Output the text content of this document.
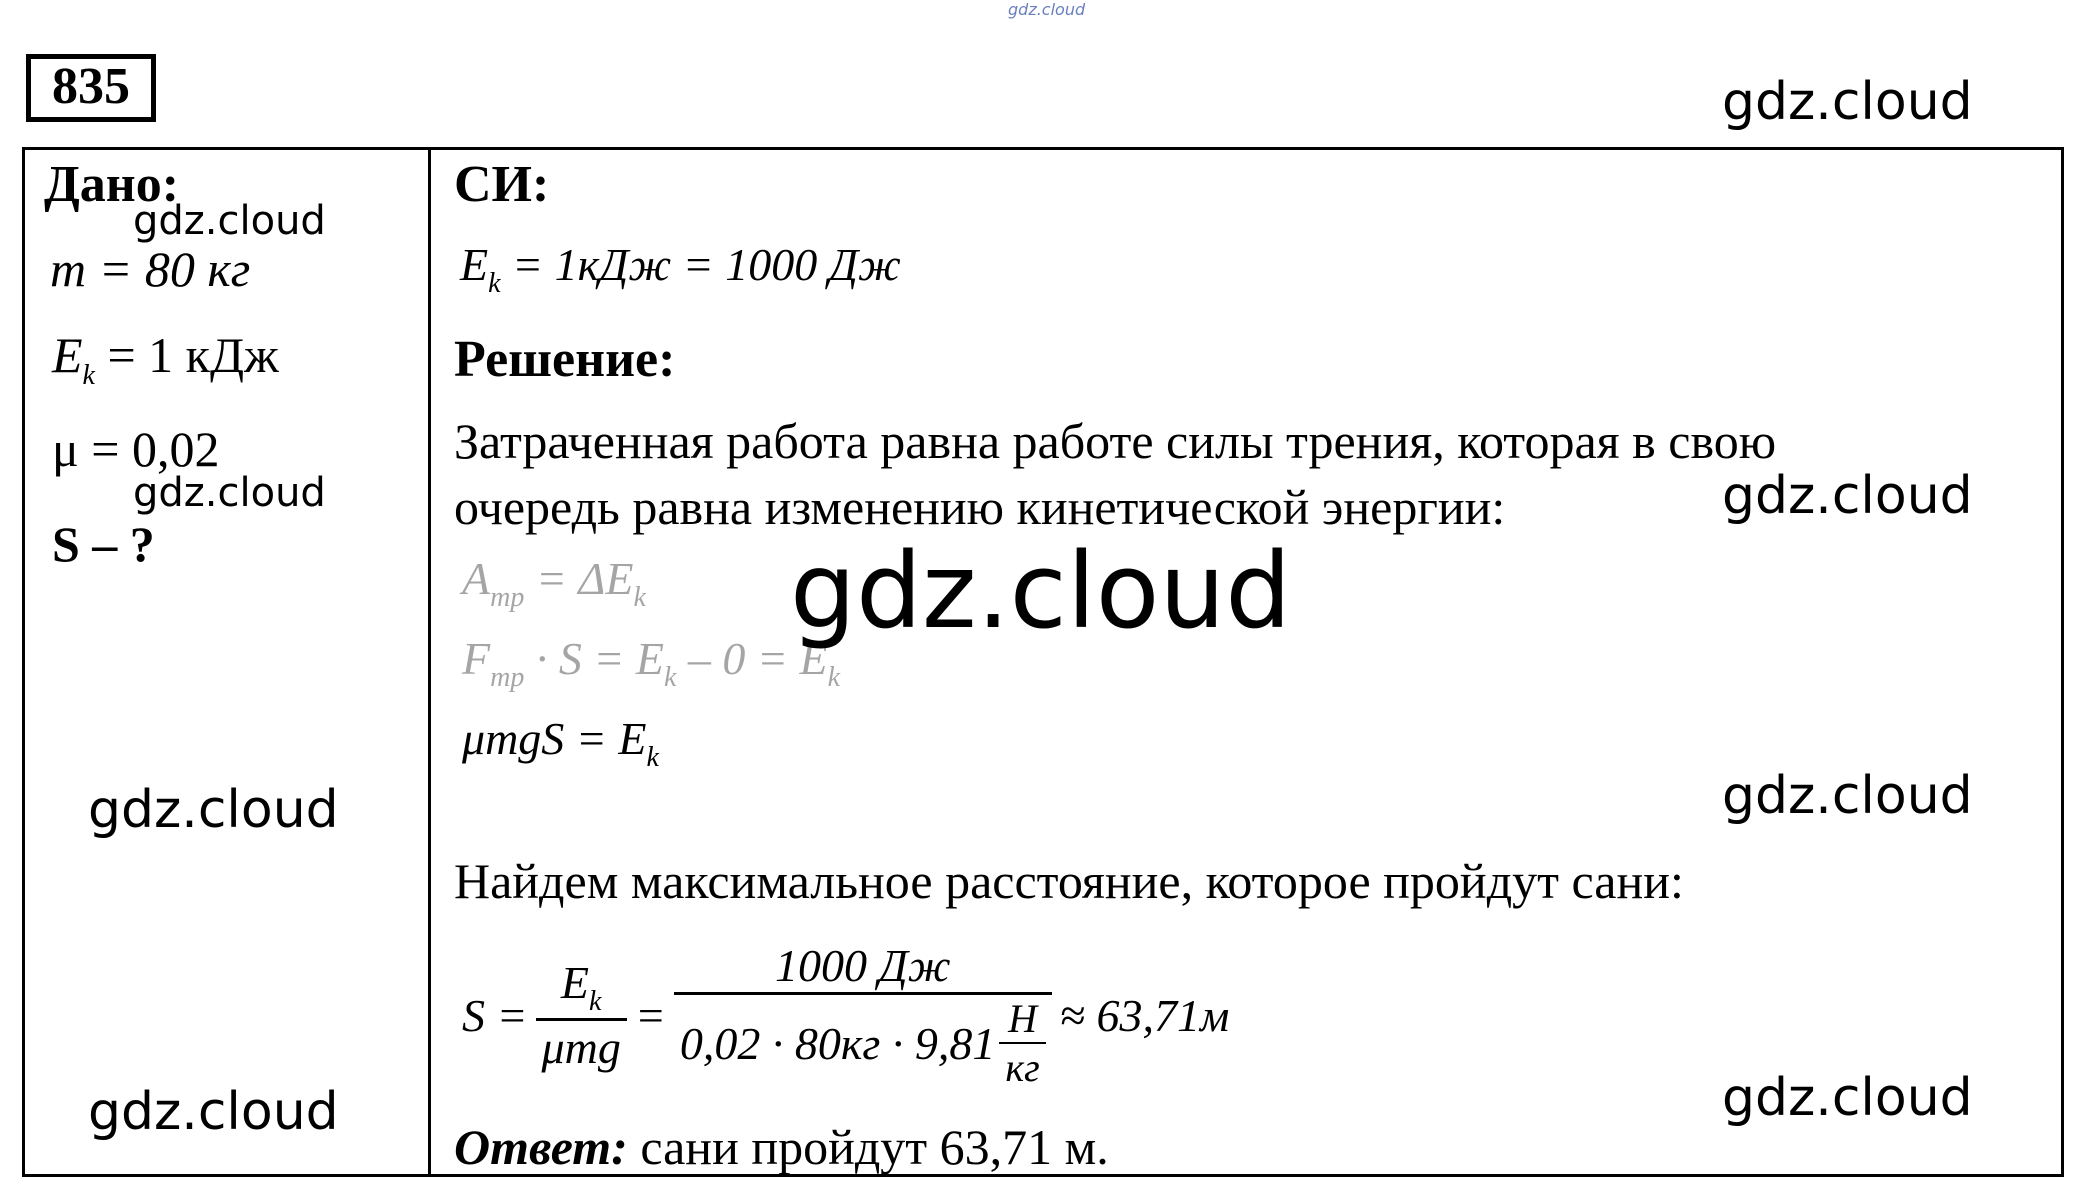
gdz.cloud
835	gdz.cloud
Дано:
gdz.cloud
m = 80 кг
$E_k = 1$ кДж
μ = 0,02
gdz.cloud
S – ?
gdz.cloud
gdz.cloud
СИ:
$E_k = 1кДж = 1000$ Дж
Решение:
Затраченная работа равна работе силы трения, которая в свою
очередь равна изменению кинетической энергии:	gdz.cloud
$A_{mp} = \Delta E_k$ gdz.cloud
$F_{mp} \cdot S = E_k - 0 = E_k$
$\mu mgS = E_k$
gdz.cloud
Найдем максимальное расстояние, которое пройдут сани:
$S = \frac{E_k}{\text{μmg}} = \frac{1000 Дж}{0,02 \cdot 80кг \cdot 9,81 \frac{Н}{кг}} \approx 63,71м$
gdz.cloud
Ответ: сани пройдут 63,71 м.
